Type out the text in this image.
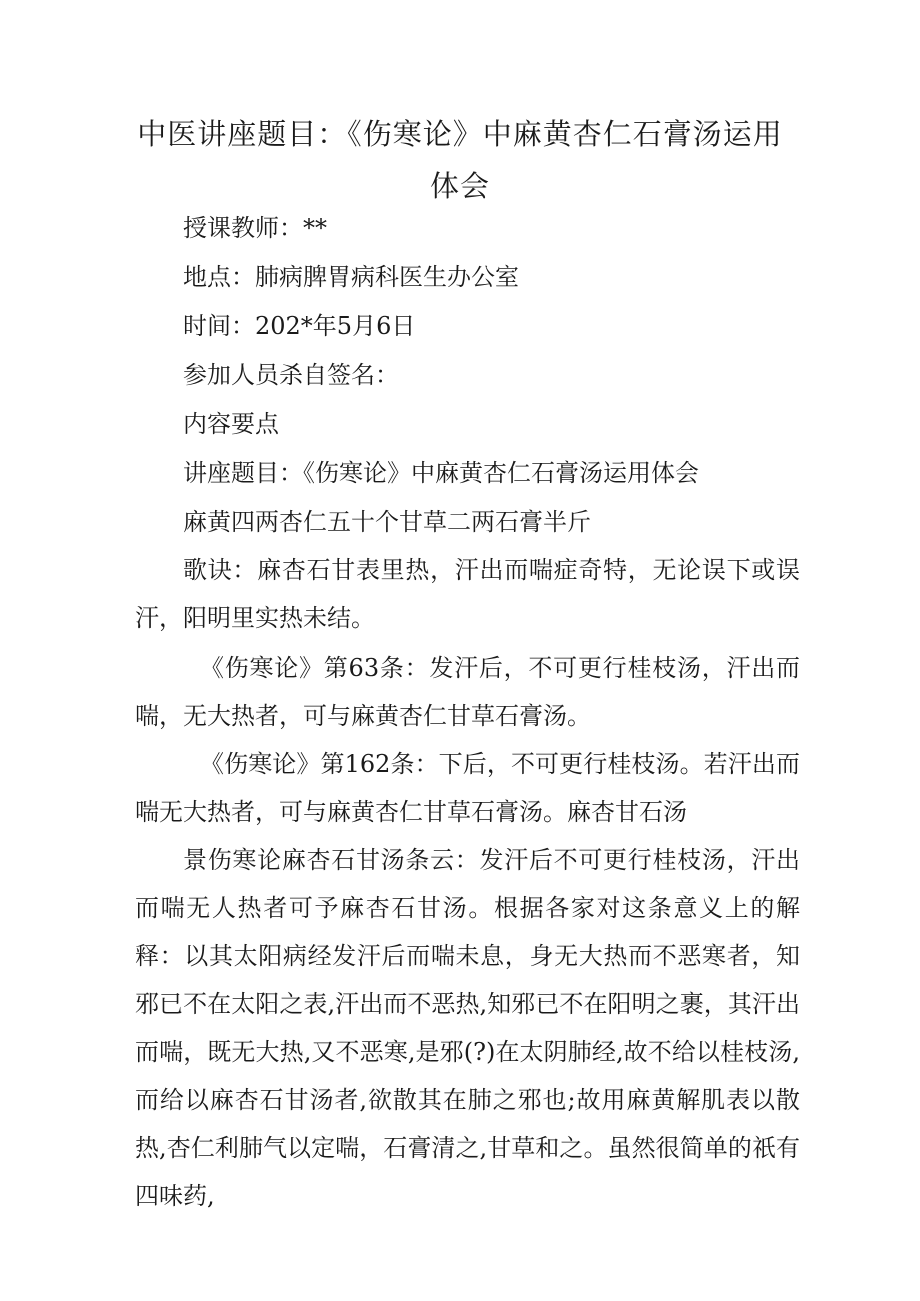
中医讲座题目：《伤寒论》中麻黄杏仁石膏汤运用体会

授课教师：**

地点：肺病脾胃病科医生办公室

时间：202*年5月6日

参加人员杀自签名：

内容要点

讲座题目：《伤寒论》中麻黄杏仁石膏汤运用体会

麻黄四两杏仁五十个甘草二两石膏半斤

歌诀：麻杏石甘表里热，汗出而喘症奇特，无论误下或误汗，阳明里实热未结。

《伤寒论》第63条：发汗后，不可更行桂枝汤，汗出而喘，无大热者，可与麻黄杏仁甘草石膏汤。

《伤寒论》第162条：下后，不可更行桂枝汤。若汗出而喘无大热者，可与麻黄杏仁甘草石膏汤。麻杏甘石汤

景伤寒论麻杏石甘汤条云：发汗后不可更行桂枝汤，汗出而喘无人热者可予麻杏石甘汤。根据各家对这条意义上的解释：以其太阳病经发汗后而喘未息，身无大热而不恶寒者，知邪已不在太阳之表,汗出而不恶热,知邪已不在阳明之裹，其汗出而喘，既无大热,又不恶寒,是邪(?)在太阴肺经,故不给以桂枝汤,而给以麻杏石甘汤者,欲散其在肺之邪也;故用麻黄解肌表以散热,杏仁利肺气以定喘，石膏清之,甘草和之。虽然很简单的祇有四味药,
